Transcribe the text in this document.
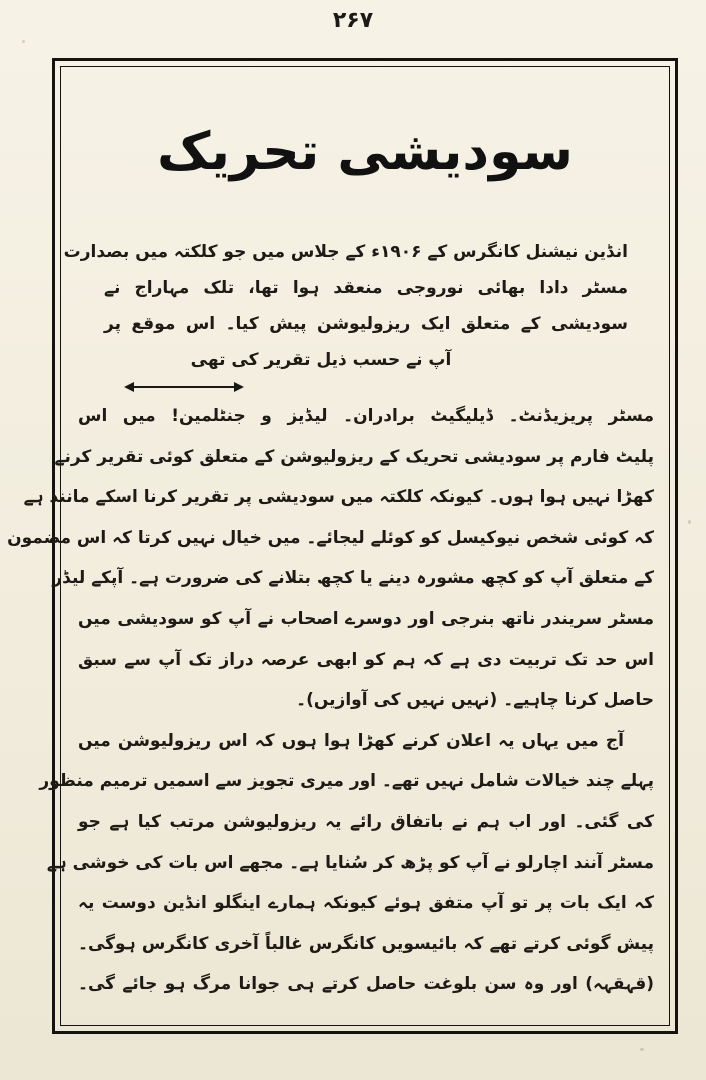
۲۶۷
سودیشی تحریک
انڈین نیشنل کانگرس کے ۱۹۰۶ء کے جلاس میں جو کلکتہ میں بصدارت
مسٹر دادا بھائی نوروجی منعقد ہوا تھا، تلک مہاراج نے
سودیشی کے متعلق ایک ریزولیوشن پیش کیا۔ اس موقع پر
آپ نے حسب ذیل تقریر کی تھی
مسٹر پریزیڈنٹ۔ ڈیلیگیٹ برادران۔ لیڈیز و جنٹلمین! میں اس
پلیٹ فارم پر سودیشی تحریک کے ریزولیوشن کے متعلق کوئی تقریر کرنے
کھڑا نہیں ہوا ہوں۔ کیونکہ کلکتہ میں سودیشی پر تقریر کرنا اسکے مانند ہے
کہ کوئی شخص نیوکیسل کو کوئلے لیجائے۔ میں خیال نہیں کرتا کہ اس مضمون
کے متعلق آپ کو کچھ مشورہ دینے یا کچھ بتلانے کی ضرورت ہے۔ آپکے لیڈر
مسٹر سریندر ناتھ بنرجی اور دوسرے اصحاب نے آپ کو سودیشی میں
اس حد تک تربیت دی ہے کہ ہم کو ابھی عرصہ دراز تک آپ سے سبق
حاصل کرنا چاہیے۔ (نہیں نہیں کی آوازیں)۔
آج میں یہاں یہ اعلان کرنے کھڑا ہوا ہوں کہ اس ریزولیوشن میں
پہلے چند خیالات شامل نہیں تھے۔ اور میری تجویز سے اسمیں ترمیم منظور
کی گئی۔ اور اب ہم نے باتفاق رائے یہ ریزولیوشن مرتب کیا ہے جو
مسٹر آنند اچارلو نے آپ کو پڑھ کر سُنایا ہے۔ مجھے اس بات کی خوشی ہے
کہ ایک بات پر تو آپ متفق ہوئے کیونکہ ہمارے اینگلو انڈین دوست یہ
پیش گوئی کرتے تھے کہ بائیسویں کانگرس غالباً آخری کانگرس ہوگی۔
(قہقہہ) اور وہ سن بلوغت حاصل کرتے ہی جوانا مرگ ہو جائے گی۔
